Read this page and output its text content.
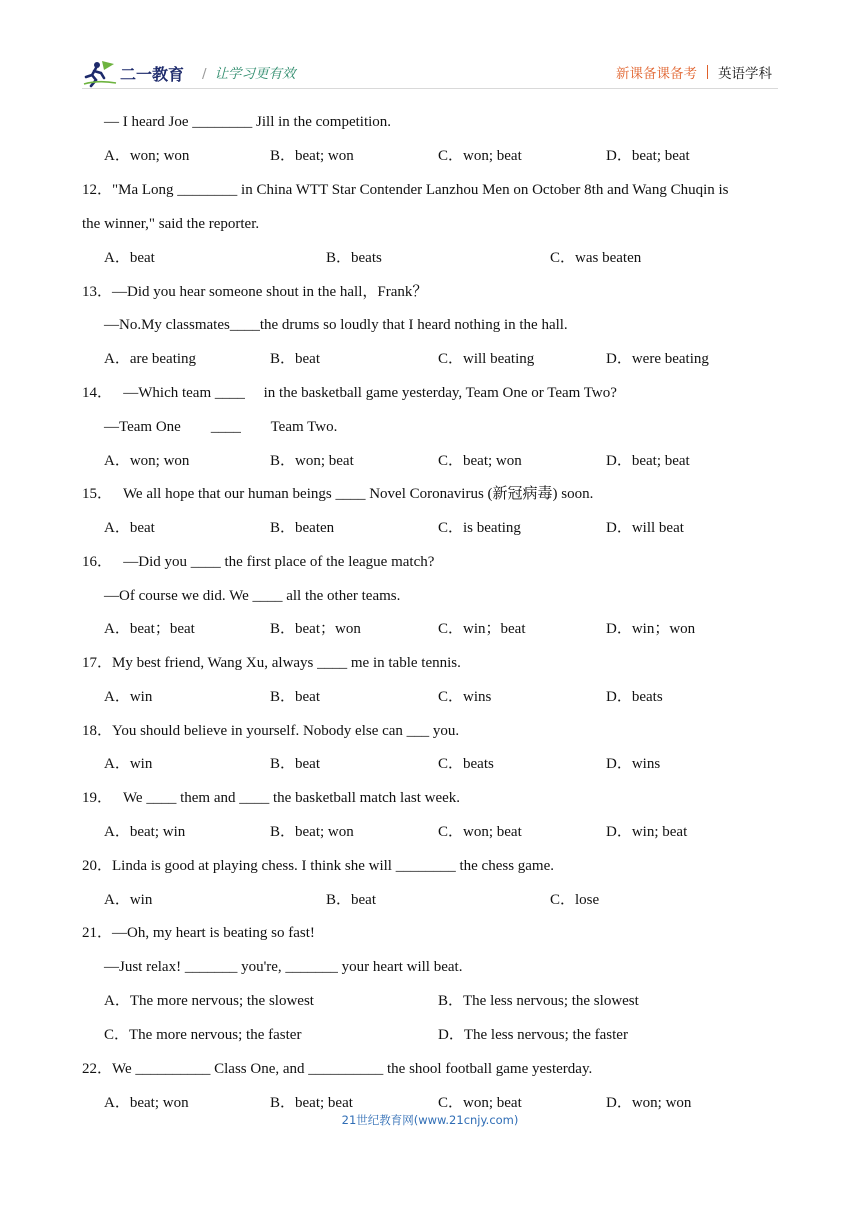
二一教育 / 让学习更有效	新课备课备考 英语学科
— I heard Joe ________ Jill in the competition.
A．won; won	B．beat; won	C．won; beat	D．beat; beat
12．"Ma Long ________ in China WTT Star Contender Lanzhou Men on October 8th and Wang Chuqin is
the winner," said the reporter.
A．beat	B．beats	C．was beaten
13．—Did you hear someone shout in the hall，Frank？
—No.My classmates____the drums so loudly that I heard nothing in the hall.
A．are beating	B．beat	C．will beating	D．were beating
14．   —Which team ____     in the basketball game yesterday, Team One or Team Two?
—Team One        ____        Team Two.
A．won; won	B．won; beat	C．beat; won	D．beat; beat
15．   We all hope that our human beings ____ Novel Coronavirus (新冠病毒) soon.
A．beat	B．beaten	C．is beating	D．will beat
16．   —Did you ____ the first place of the league match?
—Of course we did. We ____ all the other teams.
A．beat；beat	B．beat；won	C．win；beat	D．win；won
17．My best friend, Wang Xu, always ____ me in table tennis.
A．win	B．beat	C．wins	D．beats
18．You should believe in yourself. Nobody else can ___ you.
A．win	B．beat	C．beats	D．wins
19．   We ____ them and ____ the basketball match last week.
A．beat; win	B．beat; won	C．won; beat	D．win; beat
20．Linda is good at playing chess. I think she will ________ the chess game.
A．win	B．beat	C．lose
21．—Oh, my heart is beating so fast!
—Just relax! _______ you're, _______ your heart will beat.
A．The more nervous; the slowest	B．The less nervous; the slowest
C．The more nervous; the faster	D．The less nervous; the faster
22．We __________ Class One, and __________ the shool football game yesterday.
A．beat; won	B．beat; beat	C．won; beat	D．won; won
21世纪教育网(www.21cnjy.com)
